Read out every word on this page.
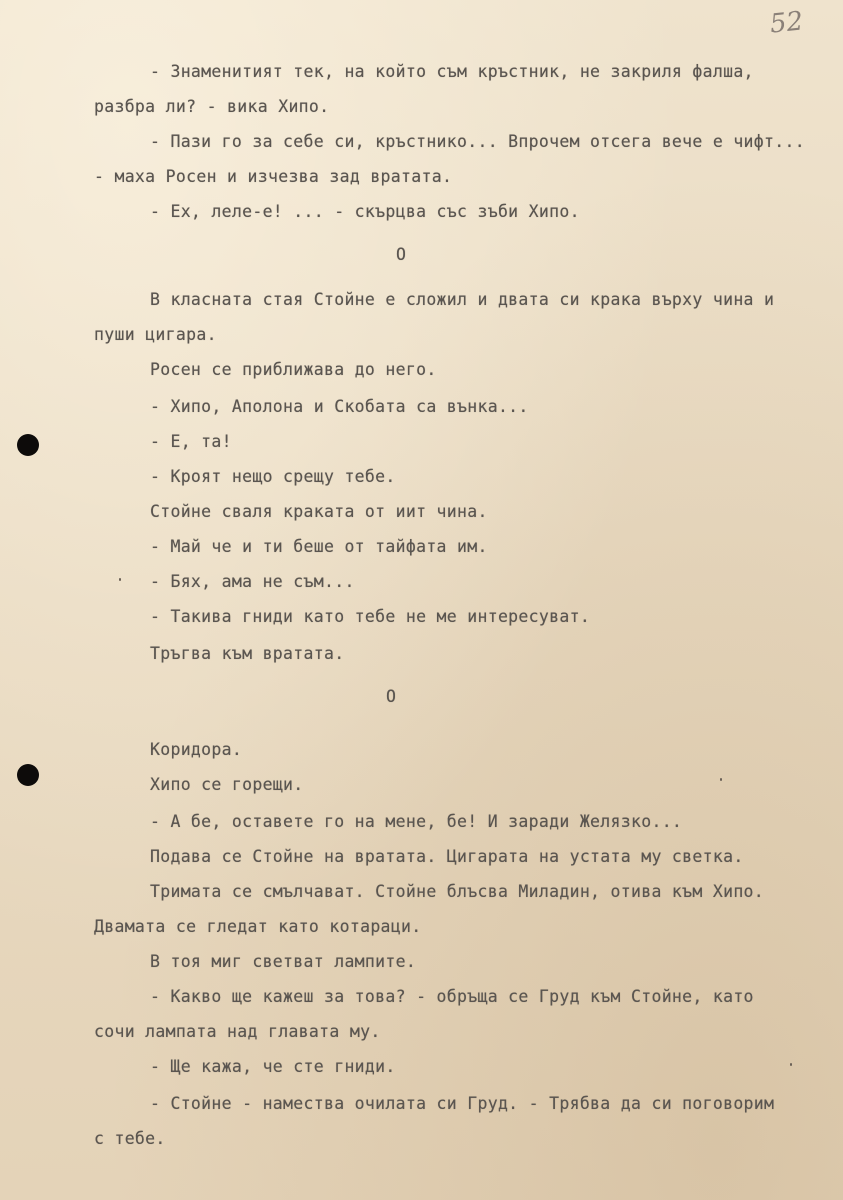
52
- Знаменитият тек, на който съм кръстник, не закриля фалша,
разбра ли? - вика Хипо.
- Пази го за себе си, кръстнико... Впрочем отсега вече е чифт...
- маха Росен и изчезва зад вратата.
- Ех, леле-е! ... - скърцва със зъби Хипо.
О
В класната стая Стойне е сложил и двата си крака върху чина и
пуши цигара.
Росен се приближава до него.
- Хипо, Аполона и Скобата са вънка...
- Е, та!
- Кроят нещо срещу тебе.
Стойне сваля краката от иит чина.
- Май че и ти беше от тайфата им.
- Бях, ама не съм...
- Такива гниди като тебе не ме интересуват.
Тръгва към вратата.
О
Коридора.
Хипо се горещи.
- А бе, оставете го на мене, бе! И заради Желязко...
Подава се Стойне на вратата. Цигарата на устата му светка.
Тримата се смълчават. Стойне блъсва Миладин, отива към Хипо.
Двамата се гледат като котараци.
В тоя миг светват лампите.
- Какво ще кажеш за това? - обръща се Груд към Стойне, като
сочи лампата над главата му.
- Ще кажа, че сте гниди.
- Стойне - намества очилата си Груд. - Трябва да си поговорим
с тебе.
